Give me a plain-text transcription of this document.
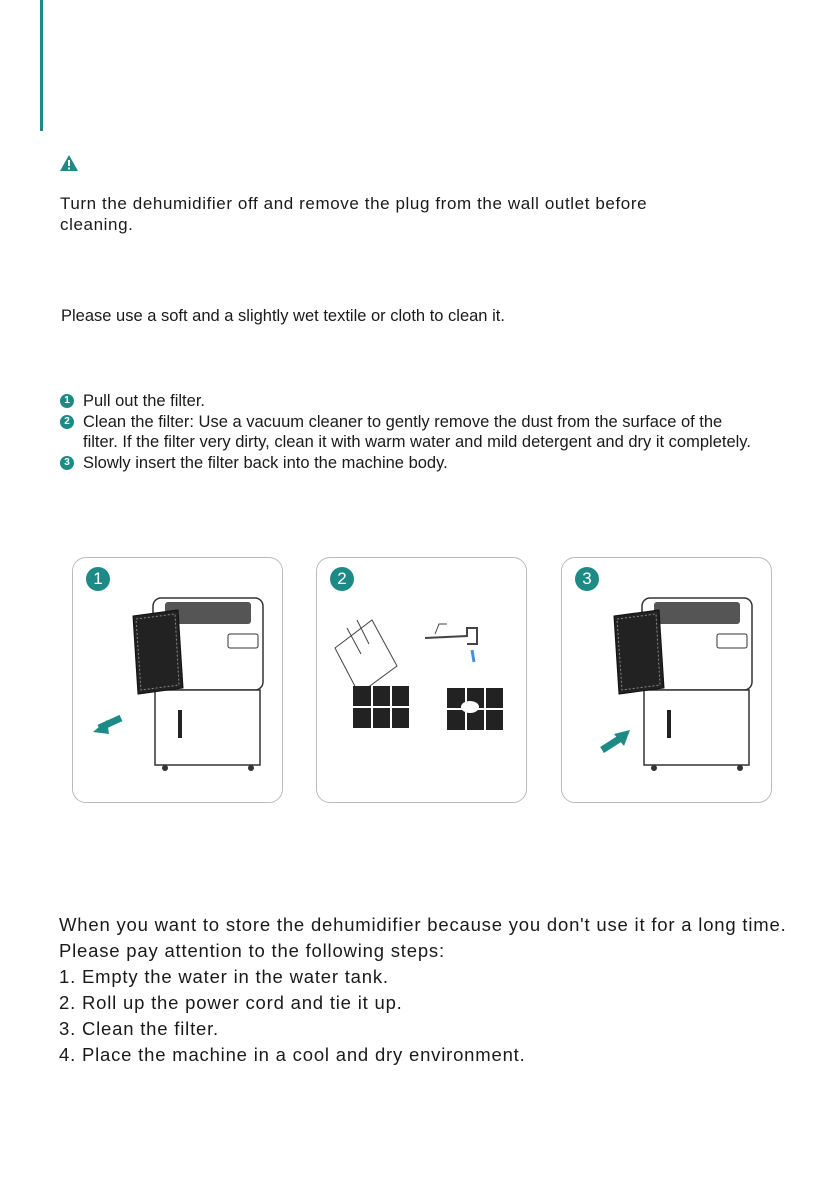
Turn the dehumidifier off and remove the plug from the wall outlet before cleaning.

Please use a soft and a slightly wet textile or cloth to clean it.

1 Pull out the filter.

2 Clean the filter: Use a vacuum cleaner to gently remove the dust from the surface of the filter. If the filter very dirty, clean it with warm water and mild detergent and dry it completely.

3 Slowly insert the filter back into the machine body.

1	2	3

When you want to store the dehumidifier because you don't use it for a long time. Please pay attention to the following steps:

1. Empty the water in the water tank.

2. Roll up the power cord and tie it up.

3. Clean the filter.

4. Place the machine in a cool and dry environment.
